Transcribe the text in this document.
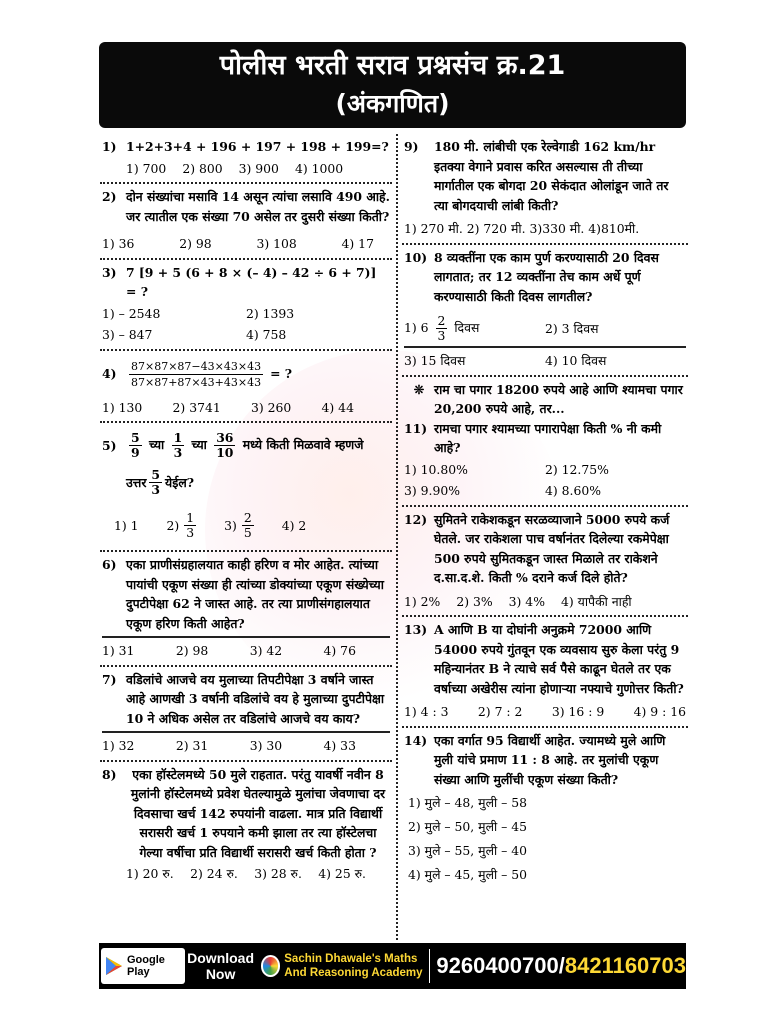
पोलीस भरती सराव प्रश्नसंच क्र.21
(अंकगणित)
1) 1+2+3+4 + 196 + 197 + 198 + 199=?
1) 700 2) 800 3) 900 4) 1000
2) दोन संख्यांचा मसावि 14 असून त्यांचा लसावि 490 आहे. जर त्यातील एक संख्या 70 असेल तर दुसरी संख्या किती?
1) 36	2) 98	3) 108	4) 17
3) 7 [9 + 5 (6 + 8 × (– 4) – 42 ÷ 6 + 7)] = ?
1) – 2548	2) 1393
3) – 847	4) 758
4)	$\frac{87\times 87\times 87-43\times 43\times 43}{87\times 87+87\times 43+43\times 43}$ = ?
1) 130 2) 3741 3) 260 4) 44
5)	$\frac{5}{9}$ च्या $\frac{1}{3}$ च्या $\frac{36}{10}$ मध्ये किती मिळवावे म्हणजे
उत्तर $\frac{5}{3}$ येईल?
1) 1 $2) \frac{1}{3} 3) \frac{2}{5} 4$) 2
6) एका प्राणीसंग्रहालयात काही हरिण व मोर आहेत. त्यांच्या पायांची एकूण संख्या ही त्यांच्या डोक्यांच्या एकूण संख्येच्या दुपटीपेक्षा 62 ने जास्त आहे. तर त्या प्राणीसंगहालयात एकूण हरिण किती आहेत?
1) 31	2) 98	3) 42	4) 76
7) वडिलांचे आजचे वय मुलाच्या तिपटीपेक्षा 3 वर्षाने जास्त आहे आणखी 3 वर्षानी वडिलांचे वय हे मुलाच्या दुपटीपेक्षा 10 ने अधिक असेल तर वडिलांचे आजचे वय काय?
1) 32	2) 31	3) 30	4) 33
8)	एका हॉस्टेलमध्ये 50 मुले राहतात. परंतु यावर्षी नवीन 8 मुलांनी हॉस्टेलमध्ये प्रवेश घेतल्यामुळे मुलांचा जेवणाचा दर दिवसाचा खर्च 142 रुपयांनी वाढला. मात्र प्रति विद्यार्थी सरासरी खर्च 1 रुपयाने कमी झाला तर त्या हॉस्टेलचा गेल्या वर्षीचा प्रति विद्यार्थी सरासरी खर्च किती होता ?
1) 20 रु. 2) 24 रु. 3) 28 रु. 4) 25 रु.
9)	180 मी. लांबीची एक रेल्वेगाडी 162 km/hr इतक्या वेगाने प्रवास करित असल्यास ती तीच्या मार्गातील एक बोगदा 20 सेकंदात ओलांडून जाते तर त्या बोगदयाची लांबी किती?
1) 270 मी. 2) 720 मी. 3)330 मी. 4)810मी.
10) 8 व्यक्तींना एक काम पुर्ण करण्यासाठी 20 दिवस लागतात; तर 12 व्यक्तींना तेच काम अर्धे पूर्ण करण्यासाठी किती दिवस लागतील?
1) $6 \frac{2}{3}$ दिवस	2) 3 दिवस
3) 15 दिवस	4) 10 दिवस
❊ राम चा पगार 18200 रुपये आहे आणि श्यामचा पगार 20,200 रुपये आहे, तर...
11) रामचा पगार श्यामच्या पगारापेक्षा किती % नी कमी आहे?
1) 10.80%	2) 12.75%
3) 9.90%	4) 8.60%
12) सुमितने राकेशकडून सरळव्याजाने 5000 रुपये कर्ज घेतले. जर राकेशला पाच वर्षानंतर दिलेल्या रकमेपेक्षा 500 रुपये सुमितकडून जास्त मिळाले तर राकेशने द.सा.द.शे. किती % दराने कर्ज दिले होते?
1) 2% 2) 3% 3) 4% 4) यापैकी नाही
13) A आणि B या दोघांनी अनुक्रमे 72000 आणि 54000 रुपये गुंतवून एक व्यवसाय सुरु केला परंतु 9 महिन्यानंतर B ने त्याचे सर्व पैसे काढून घेतले तर एक वर्षाच्या अखेरीस त्यांना होणाऱ्या नफ्याचे गुणोत्तर किती?
1) 4 : 3 2) 7 : 2 3) 16 : 9 4) 9 : 16
14) एका वर्गात 95 विद्यार्थी आहेत. ज्यामध्ये मुले आणि मुली यांचे प्रमाण 11 : 8 आहे. तर मुलांची एकूण संख्या आणि मुलींची एकूण संख्या किती?
1) मुले – 48, मुली – 58
2) मुले – 50, मुली – 45
3) मुले – 55, मुली – 40
4) मुले – 45, मुली – 50
Google Play
Download
Now
Sachin Dhawale's Maths
And Reasoning Academy 9260400700/8421160703
